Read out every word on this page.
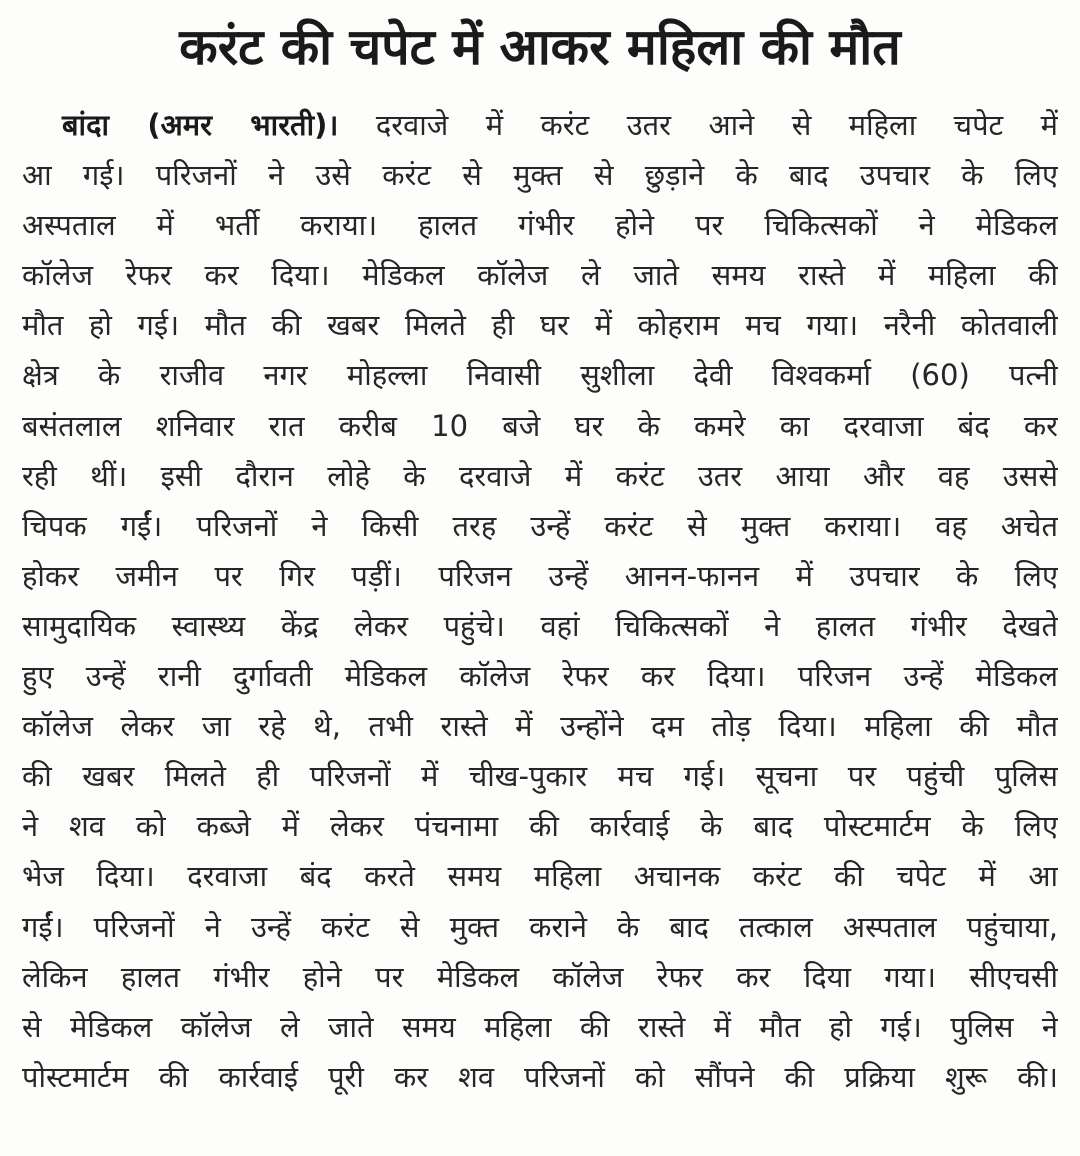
करंट की चपेट में आकर महिला की मौत
बांदा (अमर भारती)। दरवाजे में करंट उतर आने से महिला चपेट में
आ गई। परिजनों ने उसे करंट से मुक्त से छुड़ाने के बाद उपचार के लिए
अस्पताल में भर्ती कराया। हालत गंभीर होने पर चिकित्सकों ने मेडिकल
कॉलेज रेफर कर दिया। मेडिकल कॉलेज ले जाते समय रास्ते में महिला की
मौत हो गई। मौत की खबर मिलते ही घर में कोहराम मच गया। नरैनी कोतवाली
क्षेत्र के राजीव नगर मोहल्ला निवासी सुशीला देवी विश्वकर्मा (60) पत्नी
बसंतलाल शनिवार रात करीब 10 बजे घर के कमरे का दरवाजा बंद कर
रही थीं। इसी दौरान लोहे के दरवाजे में करंट उतर आया और वह उससे
चिपक गईं। परिजनों ने किसी तरह उन्हें करंट से मुक्त कराया। वह अचेत
होकर जमीन पर गिर पड़ीं। परिजन उन्हें आनन-फानन में उपचार के लिए
सामुदायिक स्वास्थ्य केंद्र लेकर पहुंचे। वहां चिकित्सकों ने हालत गंभीर देखते
हुए उन्हें रानी दुर्गावती मेडिकल कॉलेज रेफर कर दिया। परिजन उन्हें मेडिकल
कॉलेज लेकर जा रहे थे, तभी रास्ते में उन्होंने दम तोड़ दिया। महिला की मौत
की खबर मिलते ही परिजनों में चीख-पुकार मच गई। सूचना पर पहुंची पुलिस
ने शव को कब्जे में लेकर पंचनामा की कार्रवाई के बाद पोस्टमार्टम के लिए
भेज दिया। दरवाजा बंद करते समय महिला अचानक करंट की चपेट में आ
गईं। परिजनों ने उन्हें करंट से मुक्त कराने के बाद तत्काल अस्पताल पहुंचाया,
लेकिन हालत गंभीर होने पर मेडिकल कॉलेज रेफर कर दिया गया। सीएचसी
से मेडिकल कॉलेज ले जाते समय महिला की रास्ते में मौत हो गई। पुलिस ने
पोस्टमार्टम की कार्रवाई पूरी कर शव परिजनों को सौंपने की प्रक्रिया शुरू की।
